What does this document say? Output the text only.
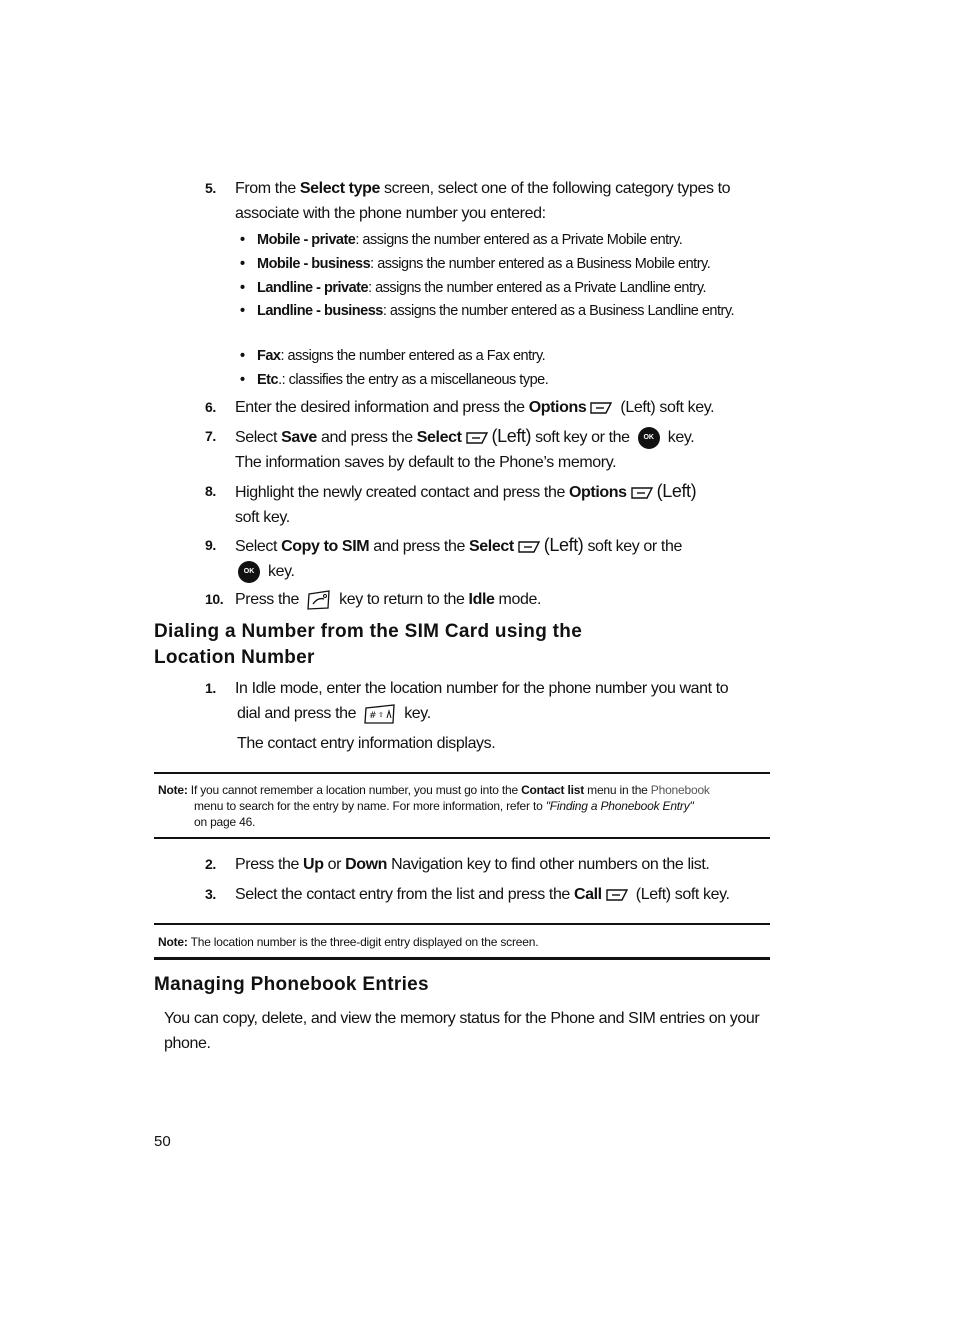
5. From the Select type screen, select one of the following category types to associate with the phone number you entered:
• Mobile - private: assigns the number entered as a Private Mobile entry.
• Mobile - business: assigns the number entered as a Business Mobile entry.
• Landline - private: assigns the number entered as a Private Landline entry.
• Landline - business: assigns the number entered as a Business Landline entry.
• Fax: assigns the number entered as a Fax entry.
• Etc.: classifies the entry as a miscellaneous type.
6. Enter the desired information and press the Options (Left) soft key.
7. Select Save and press the Select (Left) soft key or the OK key.
The information saves by default to the Phone’s memory.
8. Highlight the newly created contact and press the Options (Left)
soft key.
9. Select Copy to SIM and press the Select (Left) soft key or the
OK key.
10. Press the  key to return to the Idle mode.
Dialing a Number from the SIM Card using the
Location Number
1. In Idle mode, enter the location number for the phone number you want to
dial and press the # ⇧ key.
The contact entry information displays.
Note: If you cannot remember a location number, you must go into the Contact list menu in the Phonebook
menu to search for the entry by name. For more information, refer to "Finding a Phonebook Entry"
on page 46.
2. Press the Up or Down Navigation key to find other numbers on the list.
3. Select the contact entry from the list and press the Call (Left) soft key.
Note: The location number is the three-digit entry displayed on the screen.
Managing Phonebook Entries
You can copy, delete, and view the memory status for the Phone and SIM entries on your phone.
50
